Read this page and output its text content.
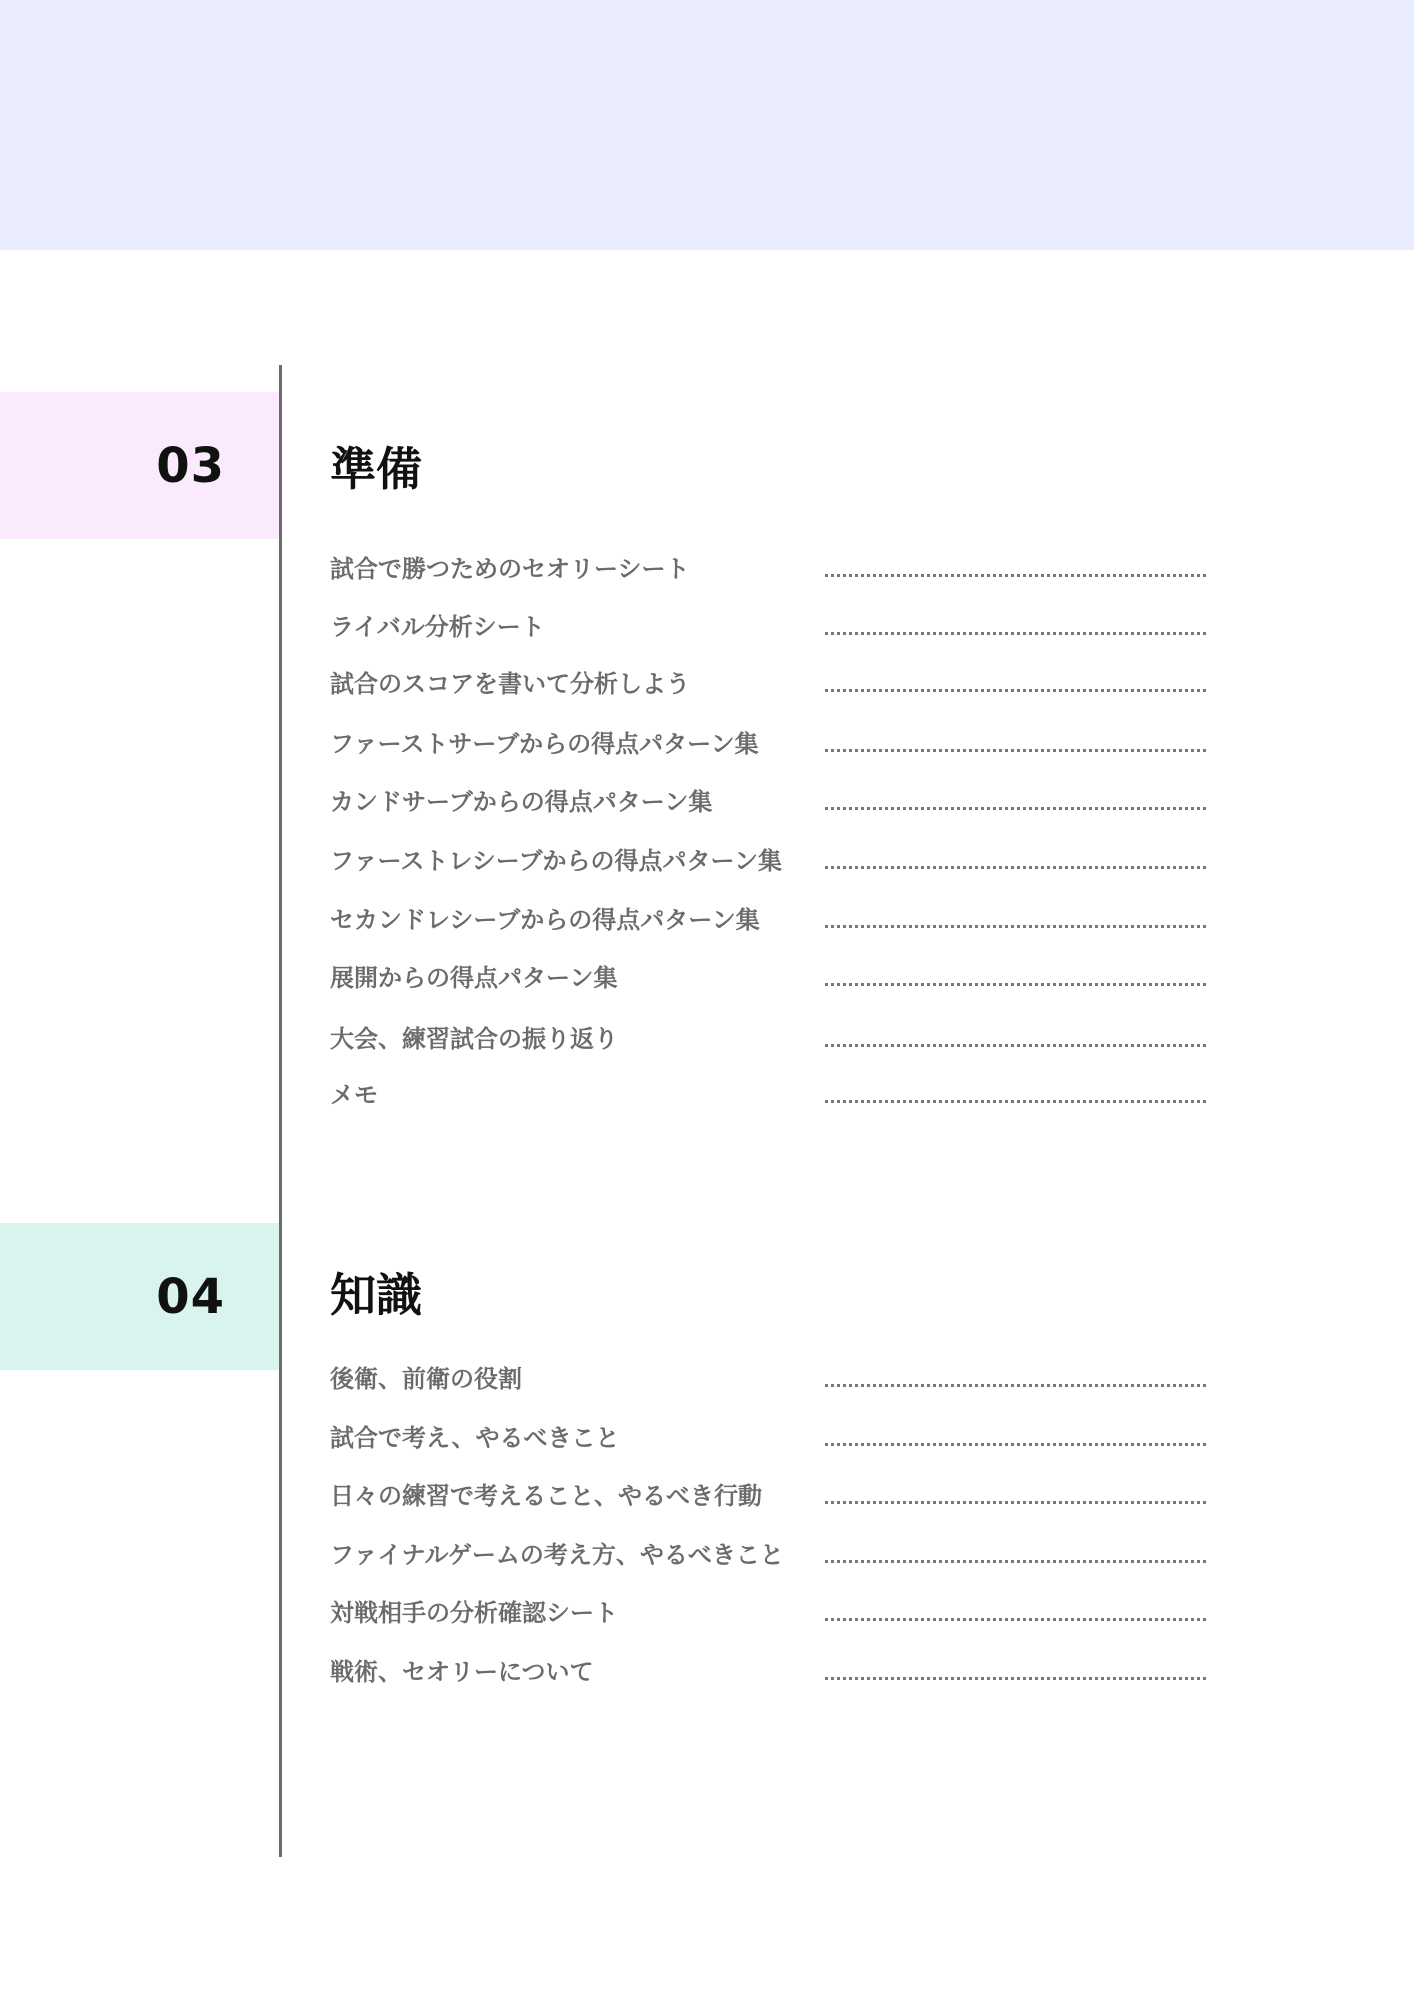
03 準備
試合で勝つためのセオリーシート
ライバル分析シート
試合のスコアを書いて分析しよう
ファーストサーブからの得点パターン集
カンドサーブからの得点パターン集
ファーストレシーブからの得点パターン集
セカンドレシーブからの得点パターン集
展開からの得点パターン集
大会、練習試合の振り返り
メモ
04 知識
後衛、前衛の役割
試合で考え、やるべきこと
日々の練習で考えること、やるべき行動
ファイナルゲームの考え方、やるべきこと
対戦相手の分析確認シート
戦術、セオリーについて
